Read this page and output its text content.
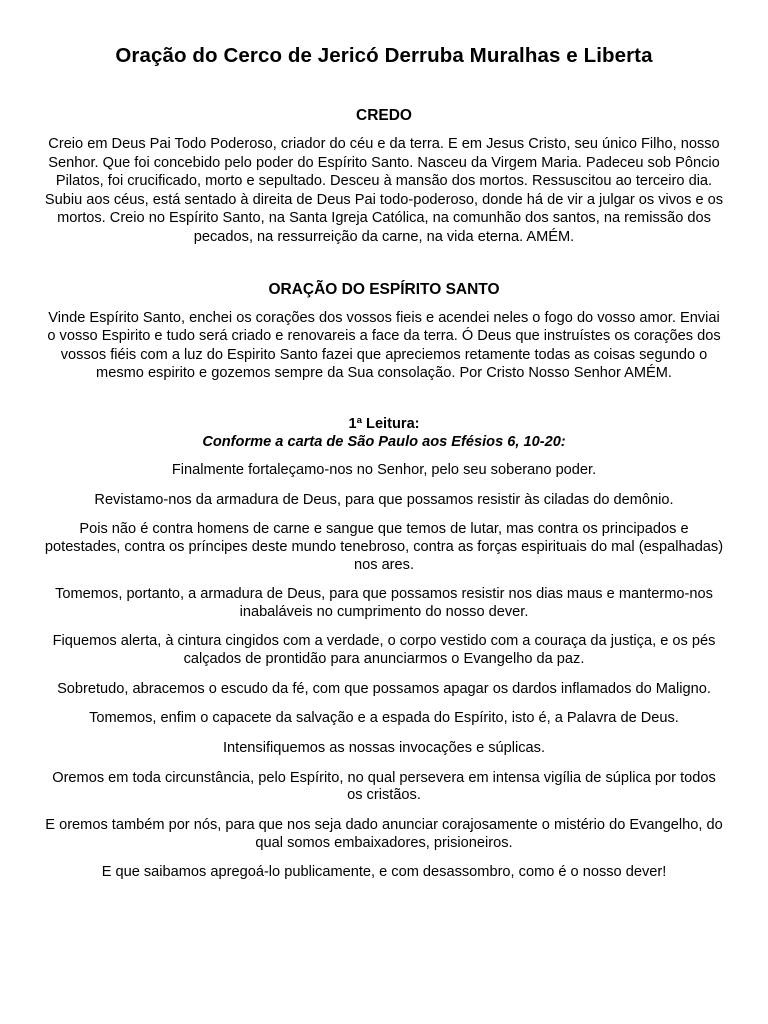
Oração do Cerco de Jericó Derruba Muralhas e Liberta
CREDO

Creio em Deus Pai Todo Poderoso, criador do céu e da terra. E em Jesus Cristo, seu único Filho, nosso Senhor. Que foi concebido pelo poder do Espírito Santo. Nasceu da Virgem Maria. Padeceu sob Pôncio Pilatos, foi crucificado, morto e sepultado. Desceu à mansão dos mortos. Ressuscitou ao terceiro dia. Subiu aos céus, está sentado à direita de Deus Pai todo-poderoso, donde há de vir a julgar os vivos e os mortos. Creio no Espírito Santo, na Santa Igreja Católica, na comunhão dos santos, na remissão dos pecados, na ressurreição da carne, na vida eterna. AMÉM.

ORAÇÃO DO ESPÍRITO SANTO

Vinde Espírito Santo, enchei os corações dos vossos fieis e acendei neles o fogo do vosso amor. Enviai o vosso Espirito e tudo será criado e renovareis a face da terra. Ó Deus que instruístes os corações dos vossos fiéis com a luz do Espirito Santo fazei que apreciemos retamente todas as coisas segundo o mesmo espirito e gozemos sempre da Sua consolação. Por Cristo Nosso Senhor AMÉM.

1ª Leitura:

Conforme a carta de São Paulo aos Efésios 6, 10-20:

Finalmente fortaleçamo-nos no Senhor, pelo seu soberano poder.

Revistamo-nos da armadura de Deus, para que possamos resistir às ciladas do demônio.

Pois não é contra homens de carne e sangue que temos de lutar, mas contra os principados e potestades, contra os príncipes deste mundo tenebroso, contra as forças espirituais do mal (espalhadas) nos ares.

Tomemos, portanto, a armadura de Deus, para que possamos resistir nos dias maus e mantermo-nos inabaláveis no cumprimento do nosso dever.

Fiquemos alerta, à cintura cingidos com a verdade, o corpo vestido com a couraça da justiça, e os pés calçados de prontidão para anunciarmos o Evangelho da paz.

Sobretudo, abracemos o escudo da fé, com que possamos apagar os dardos inflamados do Maligno.

Tomemos, enfim o capacete da salvação e a espada do Espírito, isto é, a Palavra de Deus.

Intensifiquemos as nossas invocações e súplicas.

Oremos em toda circunstância, pelo Espírito, no qual persevera em intensa vigília de súplica por todos os cristãos.

E oremos também por nós, para que nos seja dado anunciar corajosamente o mistério do Evangelho, do qual somos embaixadores, prisioneiros.

E que saibamos apregoá-lo publicamente, e com desassombro, como é o nosso dever!
